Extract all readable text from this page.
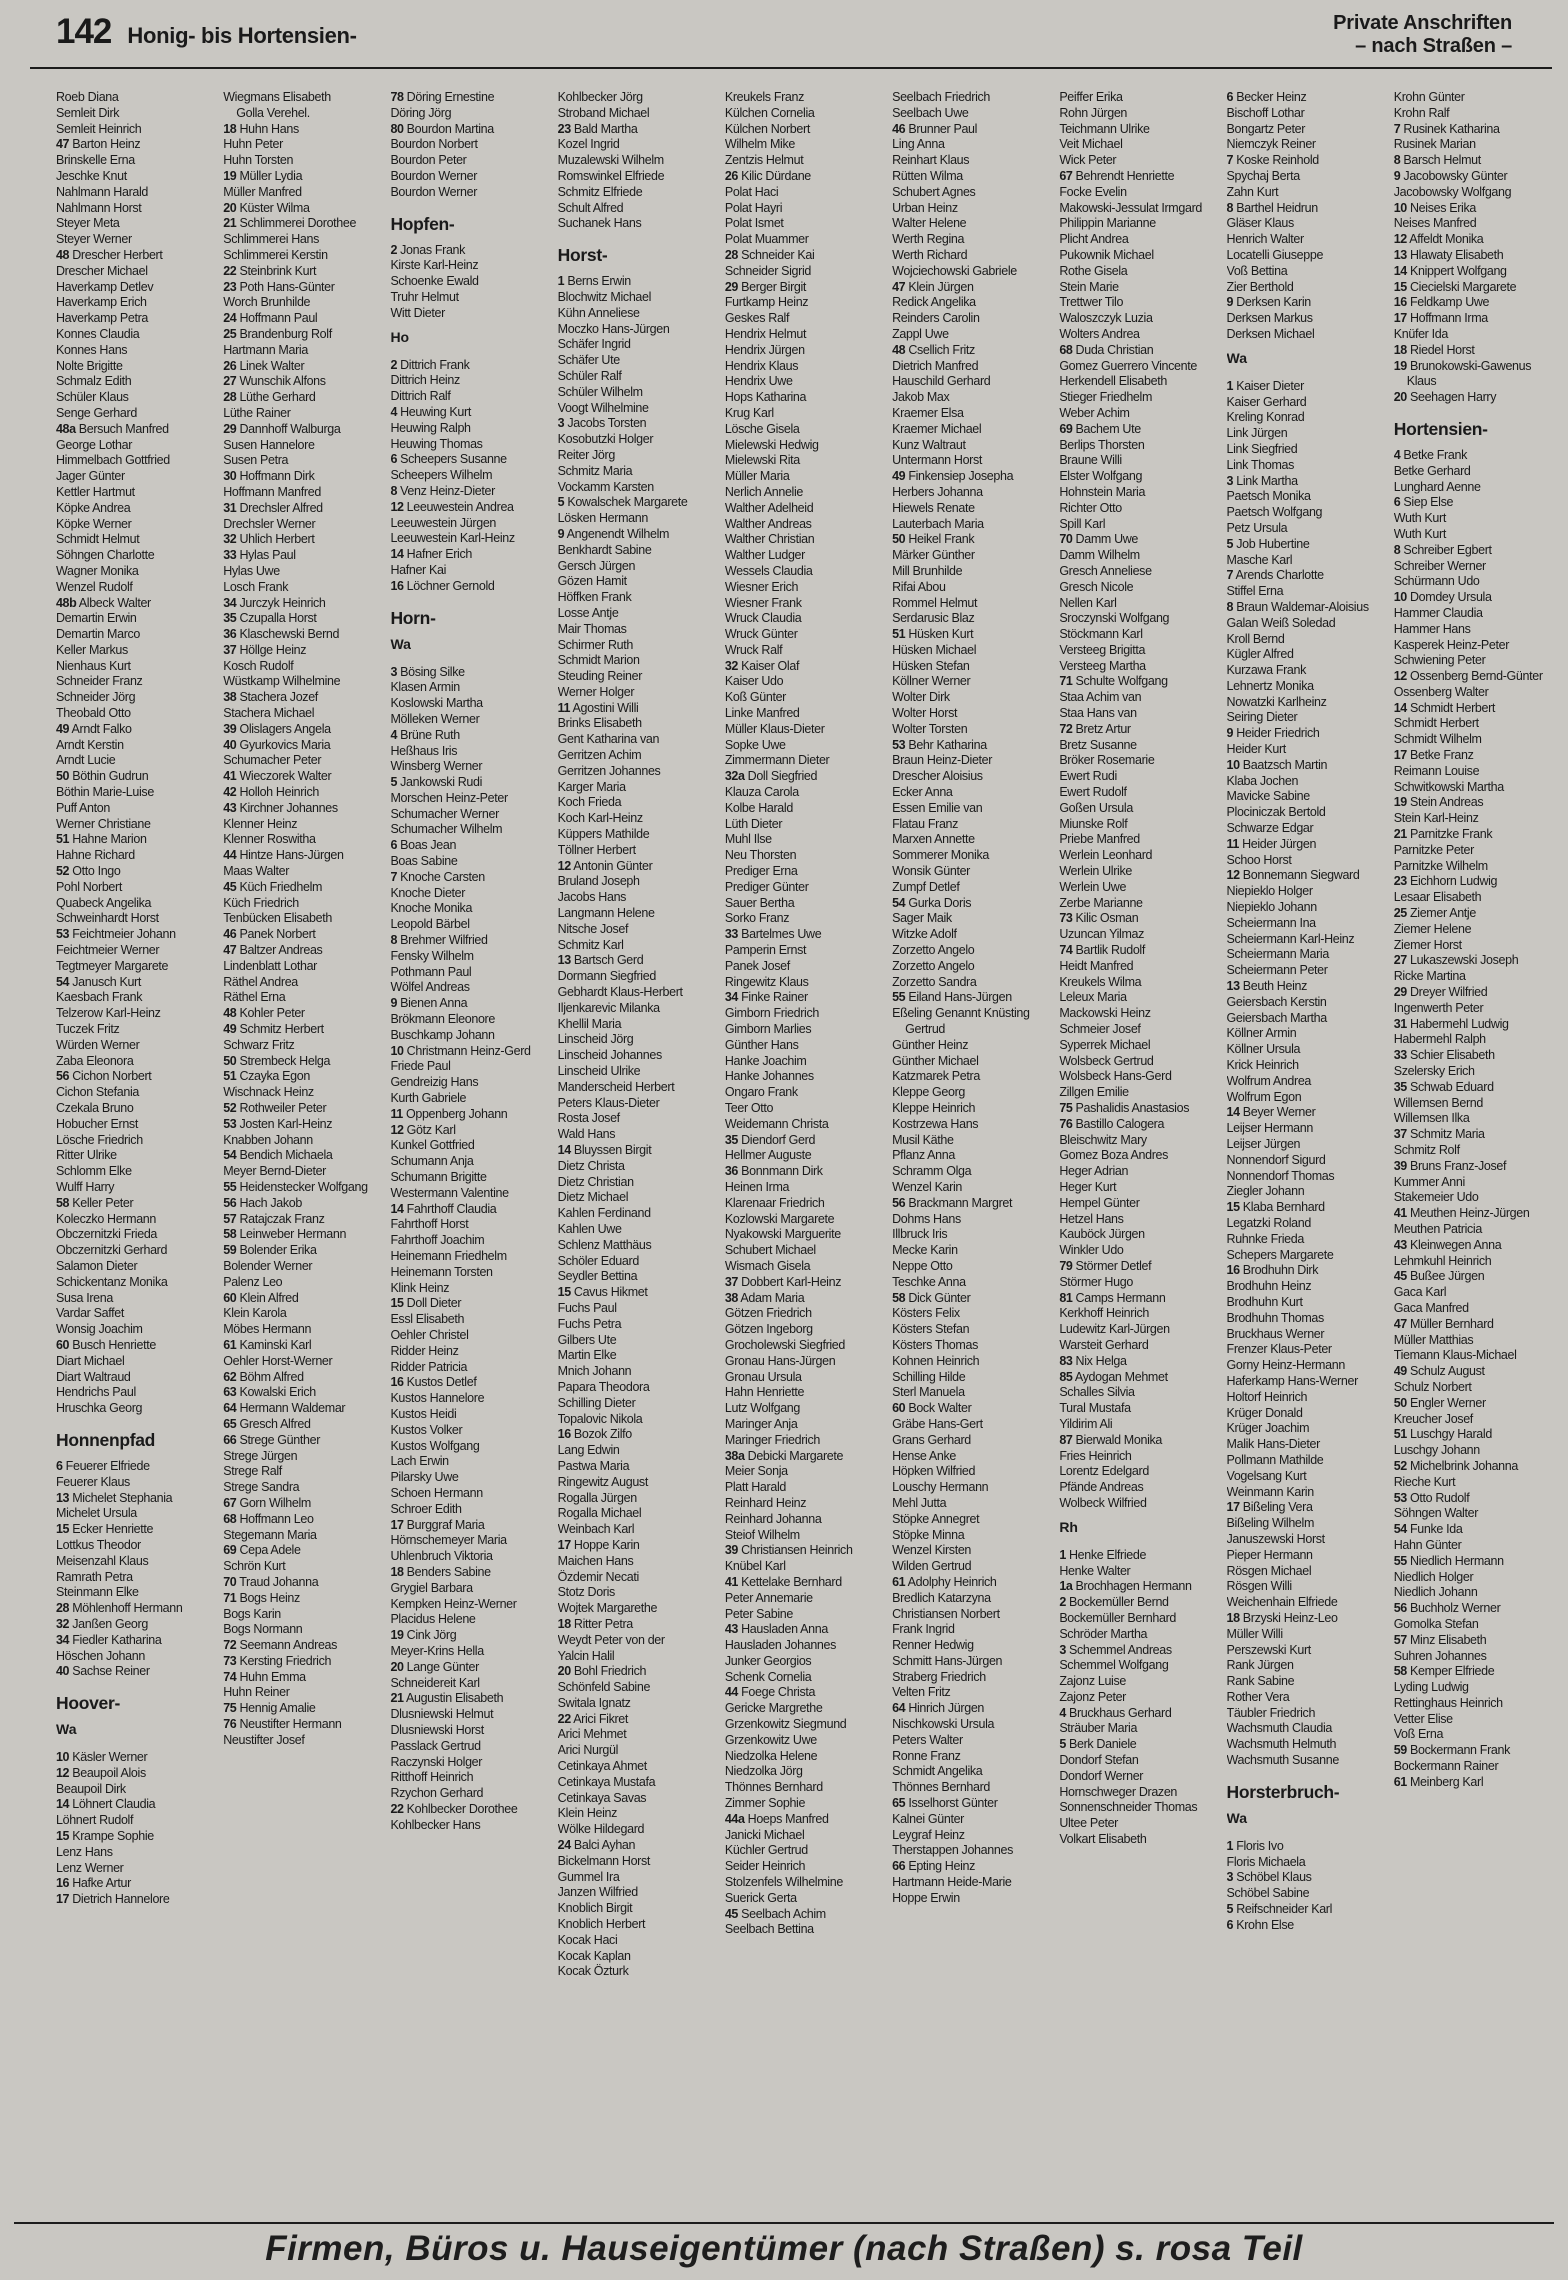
142 Honig- bis Hortensien-	Private Anschriften
– nach Straßen –
Roeb Diana
Semleit Dirk
Semleit Heinrich
47 Barton Heinz
Brinskelle Erna
Jeschke Knut
Nahlmann Harald
Nahlmann Horst
Steyer Meta
Steyer Werner
48 Drescher Herbert
Drescher Michael
Haverkamp Detlev
Haverkamp Erich
Haverkamp Petra
Konnes Claudia
Konnes Hans
Nolte Brigitte
Schmalz Edith
Schüler Klaus
Senge Gerhard
48a Bersuch Manfred
George Lothar
Himmelbach Gottfried
Jager Günter
Kettler Hartmut
Köpke Andrea
Köpke Werner
Schmidt Helmut
Söhngen Charlotte
Wagner Monika
Wenzel Rudolf
48b Albeck Walter
Demartin Erwin
Demartin Marco
Keller Markus
Nienhaus Kurt
Schneider Franz
Schneider Jörg
Theobald Otto
49 Arndt Falko
Arndt Kerstin
Arndt Lucie
50 Böthin Gudrun
Böthin Marie-Luise
Puff Anton
Werner Christiane
51 Hahne Marion
Hahne Richard
52 Otto Ingo
Pohl Norbert
Quabeck Angelika
Schweinhardt Horst
53 Feichtmeier Johann
Feichtmeier Werner
Tegtmeyer Margarete
54 Janusch Kurt
Kaesbach Frank
Telzerow Karl-Heinz
Tuczek Fritz
Würden Werner
Zaba Eleonora
56 Cichon Norbert
Cichon Stefania
Czekala Bruno
Hobucher Ernst
Lösche Friedrich
Ritter Ulrike
Schlomm Elke
Wulff Harry
58 Keller Peter
Koleczko Hermann
Obczernitzki Frieda
Obczernitzki Gerhard
Salamon Dieter
Schickentanz Monika
Susa Irena
Vardar Saffet
Wonsig Joachim
60 Busch Henriette
Diart Michael
Diart Waltraud
Hendrichs Paul
Hruschka Georg
Honnenpfad
6 Feuerer Elfriede
Feuerer Klaus
13 Michelet Stephania
Michelet Ursula
15 Ecker Henriette
Lottkus Theodor
Meisenzahl Klaus
Ramrath Petra
Steinmann Elke
28 Möhlenhoff Hermann
32 Janßen Georg
34 Fiedler Katharina
Höschen Johann
40 Sachse Reiner
Hoover-
Wa
10 Käsler Werner
12 Beaupoil Alois
Beaupoil Dirk
14 Löhnert Claudia
Löhnert Rudolf
15 Krampe Sophie
Lenz Hans
Lenz Werner
16 Hafke Artur
17 Dietrich Hannelore
Wiegmans Elisabeth
Golla Verehel.
18 Huhn Hans
Huhn Peter
Huhn Torsten
19 Müller Lydia
Müller Manfred
20 Küster Wilma
21 Schlimmerei Dorothee
Schlimmerei Hans
Schlimmerei Kerstin
22 Steinbrink Kurt
23 Poth Hans-Günter
Worch Brunhilde
24 Hoffmann Paul
25 Brandenburg Rolf
Hartmann Maria
26 Linek Walter
27 Wunschik Alfons
28 Lüthe Gerhard
Lüthe Rainer
29 Dannhoff Walburga
Susen Hannelore
Susen Petra
30 Hoffmann Dirk
Hoffmann Manfred
31 Drechsler Alfred
Drechsler Werner
32 Uhlich Herbert
33 Hylas Paul
Hylas Uwe
Losch Frank
34 Jurczyk Heinrich
35 Czupalla Horst
36 Klaschewski Bernd
37 Höllge Heinz
Kosch Rudolf
Wüstkamp Wilhelmine
38 Stachera Jozef
Stachera Michael
39 Olislagers Angela
40 Gyurkovics Maria
Schumacher Peter
41 Wieczorek Walter
42 Holloh Heinrich
43 Kirchner Johannes
Klenner Heinz
Klenner Roswitha
44 Hintze Hans-Jürgen
Maas Walter
45 Küch Friedhelm
Küch Friedrich
Tenbücken Elisabeth
46 Panek Norbert
47 Baltzer Andreas
Lindenblatt Lothar
Räthel Andrea
Räthel Erna
48 Kohler Peter
49 Schmitz Herbert
Schwarz Fritz
50 Strembeck Helga
51 Czayka Egon
Wischnack Heinz
52 Rothweiler Peter
53 Josten Karl-Heinz
Knabben Johann
54 Bendich Michaela
Meyer Bernd-Dieter
55 Heidenstecker Wolfgang
56 Hach Jakob
57 Ratajczak Franz
58 Leinweber Hermann
59 Bolender Erika
Bolender Werner
Palenz Leo
60 Klein Alfred
Klein Karola
Möbes Hermann
61 Kaminski Karl
Oehler Horst-Werner
62 Böhm Alfred
63 Kowalski Erich
64 Hermann Waldemar
65 Gresch Alfred
66 Strege Günther
Strege Jürgen
Strege Ralf
Strege Sandra
67 Gorn Wilhelm
68 Hoffmann Leo
Stegemann Maria
69 Cepa Adele
Schrön Kurt
70 Traud Johanna
71 Bogs Heinz
Bogs Karin
Bogs Normann
72 Seemann Andreas
73 Kersting Friedrich
74 Huhn Emma
Huhn Reiner
75 Hennig Amalie
76 Neustifter Hermann
Neustifter Josef
78 Döring Ernestine
Döring Jörg
80 Bourdon Martina
Bourdon Norbert
Bourdon Peter
Bourdon Werner
Bourdon Werner
Hopfen-
2 Jonas Frank
Kirste Karl-Heinz
Schoenke Ewald
Truhr Helmut
Witt Dieter
Ho
2 Dittrich Frank
Dittrich Heinz
Dittrich Ralf
4 Heuwing Kurt
Heuwing Ralph
Heuwing Thomas
6 Scheepers Susanne
Scheepers Wilhelm
8 Venz Heinz-Dieter
12 Leeuwestein Andrea
Leeuwestein Jürgen
Leeuwestein Karl-Heinz
14 Hafner Erich
Hafner Kai
16 Löchner Gernold
Horn-
Wa
3 Bösing Silke
Klasen Armin
Koslowski Martha
Mölleken Werner
4 Brüne Ruth
Heßhaus Iris
Winsberg Werner
5 Jankowski Rudi
Morschen Heinz-Peter
Schumacher Werner
Schumacher Wilhelm
6 Boas Jean
Boas Sabine
7 Knoche Carsten
Knoche Dieter
Knoche Monika
Leopold Bärbel
8 Brehmer Wilfried
Fensky Wilhelm
Pothmann Paul
Wölfel Andreas
9 Bienen Anna
Brökmann Eleonore
Buschkamp Johann
10 Christmann Heinz-Gerd
Friede Paul
Gendreizig Hans
Kurth Gabriele
11 Oppenberg Johann
12 Götz Karl
Kunkel Gottfried
Schumann Anja
Schumann Brigitte
Westermann Valentine
14 Fahrthoff Claudia
Fahrthoff Horst
Fahrthoff Joachim
Heinemann Friedhelm
Heinemann Torsten
Klink Heinz
15 Doll Dieter
Essl Elisabeth
Oehler Christel
Ridder Heinz
Ridder Patricia
16 Kustos Detlef
Kustos Hannelore
Kustos Heidi
Kustos Volker
Kustos Wolfgang
Lach Erwin
Pilarsky Uwe
Schoen Hermann
Schroer Edith
17 Burggraf Maria
Hörnschemeyer Maria
Uhlenbruch Viktoria
18 Benders Sabine
Grygiel Barbara
Kempken Heinz-Werner
Placidus Helene
19 Cink Jörg
Meyer-Krins Hella
20 Lange Günter
Schneidereit Karl
21 Augustin Elisabeth
Dlusniewski Helmut
Dlusniewski Horst
Passlack Gertrud
Raczynski Holger
Ritthoff Heinrich
Rzychon Gerhard
22 Kohlbecker Dorothee
Kohlbecker Hans
Kohlbecker Jörg
Stroband Michael
23 Bald Martha
Kozel Ingrid
Muzalewski Wilhelm
Romswinkel Elfriede
Schmitz Elfriede
Schult Alfred
Suchanek Hans
Horst-
1 Berns Erwin
Blochwitz Michael
Kühn Anneliese
Moczko Hans-Jürgen
Schäfer Ingrid
Schäfer Ute
Schüler Ralf
Schüler Wilhelm
Voogt Wilhelmine
3 Jacobs Torsten
Kosobutzki Holger
Reiter Jörg
Schmitz Maria
Vockamm Karsten
5 Kowalschek Margarete
Lösken Hermann
9 Angenendt Wilhelm
Benkhardt Sabine
Gersch Jürgen
Gözen Hamit
Höffken Frank
Losse Antje
Mair Thomas
Schirmer Ruth
Schmidt Marion
Steuding Reiner
Werner Holger
11 Agostini Willi
Brinks Elisabeth
Gent Katharina van
Gerritzen Achim
Gerritzen Johannes
Karger Maria
Koch Frieda
Koch Karl-Heinz
Küppers Mathilde
Töllner Herbert
12 Antonin Günter
Bruland Joseph
Jacobs Hans
Langmann Helene
Nitsche Josef
Schmitz Karl
13 Bartsch Gerd
Dormann Siegfried
Gebhardt Klaus-Herbert
Iljenkarevic Milanka
Khellil Maria
Linscheid Jörg
Linscheid Johannes
Linscheid Ulrike
Manderscheid Herbert
Peters Klaus-Dieter
Rosta Josef
Wald Hans
14 Bluyssen Birgit
Dietz Christa
Dietz Christian
Dietz Michael
Kahlen Ferdinand
Kahlen Uwe
Schlenz Matthäus
Schöler Eduard
Seydler Bettina
15 Cavus Hikmet
Fuchs Paul
Fuchs Petra
Gilbers Ute
Martin Elke
Mnich Johann
Papara Theodora
Schilling Dieter
Topalovic Nikola
16 Bozok Zilfo
Lang Edwin
Pastwa Maria
Ringewitz August
Rogalla Jürgen
Rogalla Michael
Weinbach Karl
17 Hoppe Karin
Maichen Hans
Özdemir Necati
Stotz Doris
Wojtek Margarethe
18 Ritter Petra
Weydt Peter von der
Yalcin Halil
20 Bohl Friedrich
Schönfeld Sabine
Switala Ignatz
22 Arici Fikret
Arici Mehmet
Arici Nurgül
Cetinkaya Ahmet
Cetinkaya Mustafa
Cetinkaya Savas
Klein Heinz
Wölke Hildegard
24 Balci Ayhan
Bickelmann Horst
Gummel Ira
Janzen Wilfried
Knoblich Birgit
Knoblich Herbert
Kocak Haci
Kocak Kaplan
Kocak Özturk
Kreukels Franz
Külchen Cornelia
Külchen Norbert
Wilhelm Mike
Zentzis Helmut
26 Kilic Dürdane
Polat Haci
Polat Hayri
Polat Ismet
Polat Muammer
28 Schneider Kai
Schneider Sigrid
29 Berger Birgit
Furtkamp Heinz
Geskes Ralf
Hendrix Helmut
Hendrix Jürgen
Hendrix Klaus
Hendrix Uwe
Hops Katharina
Krug Karl
Lösche Gisela
Mielewski Hedwig
Mielewski Rita
Müller Maria
Nerlich Annelie
Walther Adelheid
Walther Andreas
Walther Christian
Walther Ludger
Wessels Claudia
Wiesner Erich
Wiesner Frank
Wruck Claudia
Wruck Günter
Wruck Ralf
32 Kaiser Olaf
Kaiser Udo
Koß Günter
Linke Manfred
Müller Klaus-Dieter
Sopke Uwe
Zimmermann Dieter
32a Doll Siegfried
Klauza Carola
Kolbe Harald
Lüth Dieter
Muhl Ilse
Neu Thorsten
Prediger Erna
Prediger Günter
Sauer Bertha
Sorko Franz
33 Bartelmes Uwe
Pamperin Ernst
Panek Josef
Ringewitz Klaus
34 Finke Rainer
Gimborn Friedrich
Gimborn Marlies
Günther Hans
Hanke Joachim
Hanke Johannes
Ongaro Frank
Teer Otto
Weidemann Christa
35 Diendorf Gerd
Hellmer Auguste
36 Bonnmann Dirk
Heinen Irma
Klarenaar Friedrich
Kozlowski Margarete
Nyakowski Marguerite
Schubert Michael
Wismach Gisela
37 Dobbert Karl-Heinz
38 Adam Maria
Götzen Friedrich
Götzen Ingeborg
Grocholewski Siegfried
Gronau Hans-Jürgen
Gronau Ursula
Hahn Henriette
Lutz Wolfgang
Maringer Anja
Maringer Friedrich
38a Debicki Margarete
Meier Sonja
Platt Harald
Reinhard Heinz
Reinhard Johanna
Steiof Wilhelm
39 Christiansen Heinrich
Knübel Karl
41 Kettelake Bernhard
Peter Annemarie
Peter Sabine
43 Hausladen Anna
Hausladen Johannes
Junker Georgios
Schenk Cornelia
44 Foege Christa
Gericke Margrethe
Grzenkowitz Siegmund
Grzenkowitz Uwe
Niedzolka Helene
Niedzolka Jörg
Thönnes Bernhard
Zimmer Sophie
44a Hoeps Manfred
Janicki Michael
Küchler Gertrud
Seider Heinrich
Stolzenfels Wilhelmine
Suerick Gerta
45 Seelbach Achim
Seelbach Bettina
Seelbach Friedrich
Seelbach Uwe
46 Brunner Paul
Ling Anna
Reinhart Klaus
Rütten Wilma
Schubert Agnes
Urban Heinz
Walter Helene
Werth Regina
Werth Richard
Wojciechowski Gabriele
47 Klein Jürgen
Redick Angelika
Reinders Carolin
Zappl Uwe
48 Csellich Fritz
Dietrich Manfred
Hauschild Gerhard
Jakob Max
Kraemer Elsa
Kraemer Michael
Kunz Waltraut
Untermann Horst
49 Finkensiep Josepha
Herbers Johanna
Hiewels Renate
Lauterbach Maria
50 Heikel Frank
Märker Günther
Mill Brunhilde
Rifai Abou
Rommel Helmut
Serdarusic Blaz
51 Hüsken Kurt
Hüsken Michael
Hüsken Stefan
Köllner Werner
Wolter Dirk
Wolter Horst
Wolter Torsten
53 Behr Katharina
Braun Heinz-Dieter
Drescher Aloisius
Ecker Anna
Essen Emilie van
Flatau Franz
Marxen Annette
Sommerer Monika
Wonsik Günter
Zumpf Detlef
54 Gurka Doris
Sager Maik
Witzke Adolf
Zorzetto Angelo
Zorzetto Angelo
Zorzetto Sandra
55 Eiland Hans-Jürgen
Eßeling Genannt Knüsting Gertrud
Günther Heinz
Günther Michael
Katzmarek Petra
Kleppe Georg
Kleppe Heinrich
Kostrzewa Hans
Musil Käthe
Pflanz Anna
Schramm Olga
Wenzel Karin
56 Brackmann Margret
Dohms Hans
Illbruck Iris
Mecke Karin
Neppe Otto
Teschke Anna
58 Dick Günter
Kösters Felix
Kösters Stefan
Kösters Thomas
Kohnen Heinrich
Schilling Hilde
Sterl Manuela
60 Bock Walter
Gräbe Hans-Gert
Grans Gerhard
Hense Anke
Höpken Wilfried
Louschy Hermann
Mehl Jutta
Stöpke Annegret
Stöpke Minna
Wenzel Kirsten
Wilden Gertrud
61 Adolphy Heinrich
Bredlich Katarzyna
Christiansen Norbert
Frank Ingrid
Renner Hedwig
Schmitt Hans-Jürgen
Straberg Friedrich
Velten Fritz
64 Hinrich Jürgen
Nischkowski Ursula
Peters Walter
Ronne Franz
Schmidt Angelika
Thönnes Bernhard
65 Isselhorst Günter
Kalnei Günter
Leygraf Heinz
Therstappen Johannes
66 Epting Heinz
Hartmann Heide-Marie
Hoppe Erwin
Peiffer Erika
Rohn Jürgen
Teichmann Ulrike
Veit Michael
Wick Peter
67 Behrendt Henriette
Focke Evelin
Makowski-Jessulat Irmgard
Philippin Marianne
Plicht Andrea
Pukownik Michael
Rothe Gisela
Stein Marie
Trettwer Tilo
Waloszczyk Luzia
Wolters Andrea
68 Duda Christian
Gomez Guerrero Vincente
Herkendell Elisabeth
Stieger Friedhelm
Weber Achim
69 Bachem Ute
Berlips Thorsten
Braune Willi
Elster Wolfgang
Hohnstein Maria
Richter Otto
Spill Karl
70 Damm Uwe
Damm Wilhelm
Gresch Anneliese
Gresch Nicole
Nellen Karl
Sroczynski Wolfgang
Stöckmann Karl
Versteeg Brigitta
Versteeg Martha
71 Schulte Wolfgang
Staa Achim van
Staa Hans van
72 Bretz Artur
Bretz Susanne
Bröker Rosemarie
Ewert Rudi
Ewert Rudolf
Goßen Ursula
Miunske Rolf
Priebe Manfred
Werlein Leonhard
Werlein Ulrike
Werlein Uwe
Zerbe Marianne
73 Kilic Osman
Uzuncan Yilmaz
74 Bartlik Rudolf
Heidt Manfred
Kreukels Wilma
Leleux Maria
Mackowski Heinz
Schmeier Josef
Syperrek Michael
Wolsbeck Gertrud
Wolsbeck Hans-Gerd
Zillgen Emilie
75 Pashalidis Anastasios
76 Bastillo Calogera
Bleischwitz Mary
Gomez Boza Andres
Heger Adrian
Heger Kurt
Hempel Günter
Hetzel Hans
Kauböck Jürgen
Winkler Udo
79 Störmer Detlef
Störmer Hugo
81 Camps Hermann
Kerkhoff Heinrich
Ludewitz Karl-Jürgen
Warsteit Gerhard
83 Nix Helga
85 Aydogan Mehmet
Schalles Silvia
Tural Mustafa
Yildirim Ali
87 Bierwald Monika
Fries Heinrich
Lorentz Edelgard
Pfände Andreas
Wolbeck Wilfried
Rh
1 Henke Elfriede
Henke Walter
1a Brochhagen Hermann
2 Bockemüller Bernd
Bockemüller Bernhard
Schröder Martha
3 Schemmel Andreas
Schemmel Wolfgang
Zajonz Luise
Zajonz Peter
4 Bruckhaus Gerhard
Sträuber Maria
5 Berk Daniele
Dondorf Stefan
Dondorf Werner
Hornschweger Drazen
Sonnenschneider Thomas
Ultee Peter
Volkart Elisabeth
6 Becker Heinz
Bischoff Lothar
Bongartz Peter
Niemczyk Reiner
7 Koske Reinhold
Spychaj Berta
Zahn Kurt
8 Barthel Heidrun
Gläser Klaus
Henrich Walter
Locatelli Giuseppe
Voß Bettina
Zier Berthold
9 Derksen Karin
Derksen Markus
Derksen Michael
Wa
1 Kaiser Dieter
Kaiser Gerhard
Kreling Konrad
Link Jürgen
Link Siegfried
Link Thomas
3 Link Martha
Paetsch Monika
Paetsch Wolfgang
Petz Ursula
5 Job Hubertine
Masche Karl
7 Arends Charlotte
Stiffel Erna
8 Braun Waldemar-Aloisius
Galan Weiß Soledad
Kroll Bernd
Kügler Alfred
Kurzawa Frank
Lehnertz Monika
Nowatzki Karlheinz
Seiring Dieter
9 Heider Friedrich
Heider Kurt
10 Baatzsch Martin
Klaba Jochen
Mavicke Sabine
Plociniczak Bertold
Schwarze Edgar
11 Heider Jürgen
Schoo Horst
12 Bonnemann Siegward
Niepieklo Holger
Niepieklo Johann
Scheiermann Ina
Scheiermann Karl-Heinz
Scheiermann Maria
Scheiermann Peter
13 Beuth Heinz
Geiersbach Kerstin
Geiersbach Martha
Köllner Armin
Köllner Ursula
Krick Heinrich
Wolfrum Andrea
Wolfrum Egon
14 Beyer Werner
Leijser Hermann
Leijser Jürgen
Nonnendorf Sigurd
Nonnendorf Thomas
Ziegler Johann
15 Klaba Bernhard
Legatzki Roland
Ruhnke Frieda
Schepers Margarete
16 Brodhuhn Dirk
Brodhuhn Heinz
Brodhuhn Kurt
Brodhuhn Thomas
Bruckhaus Werner
Frenzer Klaus-Peter
Gorny Heinz-Hermann
Haferkamp Hans-Werner
Holtorf Heinrich
Krüger Donald
Krüger Joachim
Malik Hans-Dieter
Pollmann Mathilde
Vogelsang Kurt
Weinmann Karin
17 Bißeling Vera
Bißeling Wilhelm
Januszewski Horst
Pieper Hermann
Rösgen Michael
Rösgen Willi
Weichenhain Elfriede
18 Brzyski Heinz-Leo
Müller Willi
Perszewski Kurt
Rank Jürgen
Rank Sabine
Rother Vera
Täubler Friedrich
Wachsmuth Claudia
Wachsmuth Helmuth
Wachsmuth Susanne
Horsterbruch-
Wa
1 Floris Ivo
Floris Michaela
3 Schöbel Klaus
Schöbel Sabine
5 Reifschneider Karl
6 Krohn Else
Krohn Günter
Krohn Ralf
7 Rusinek Katharina
Rusinek Marian
8 Barsch Helmut
9 Jacobowsky Günter
Jacobowsky Wolfgang
10 Neises Erika
Neises Manfred
12 Affeldt Monika
13 Hlawaty Elisabeth
14 Knippert Wolfgang
15 Ciecielski Margarete
16 Feldkamp Uwe
17 Hoffmann Irma
Knüfer Ida
18 Riedel Horst
19 Brunokowski-Gawenus Klaus
20 Seehagen Harry
Hortensien-
4 Betke Frank
Betke Gerhard
Lunghard Aenne
6 Siep Else
Wuth Kurt
Wuth Kurt
8 Schreiber Egbert
Schreiber Werner
Schürmann Udo
10 Domdey Ursula
Hammer Claudia
Hammer Hans
Kasperek Heinz-Peter
Schwiening Peter
12 Ossenberg Bernd-Günter
Ossenberg Walter
14 Schmidt Herbert
Schmidt Herbert
Schmidt Wilhelm
17 Betke Franz
Reimann Louise
Schwitkowski Martha
19 Stein Andreas
Stein Karl-Heinz
21 Parnitzke Frank
Parnitzke Peter
Parnitzke Wilhelm
23 Eichhorn Ludwig
Lesaar Elisabeth
25 Ziemer Antje
Ziemer Helene
Ziemer Horst
27 Lukaszewski Joseph
Ricke Martina
29 Dreyer Wilfried
Ingenwerth Peter
31 Habermehl Ludwig
Habermehl Ralph
33 Schier Elisabeth
Szelersky Erich
35 Schwab Eduard
Willemsen Bernd
Willemsen Ilka
37 Schmitz Maria
Schmitz Rolf
39 Bruns Franz-Josef
Kummer Anni
Stakemeier Udo
41 Meuthen Heinz-Jürgen
Meuthen Patricia
43 Kleinwegen Anna
Lehmkuhl Heinrich
45 Bußee Jürgen
Gaca Karl
Gaca Manfred
47 Müller Bernhard
Müller Matthias
Tiemann Klaus-Michael
49 Schulz August
Schulz Norbert
50 Engler Werner
Kreucher Josef
51 Luschgy Harald
Luschgy Johann
52 Michelbrink Johanna
Rieche Kurt
53 Otto Rudolf
Söhngen Walter
54 Funke Ida
Hahn Günter
55 Niedlich Hermann
Niedlich Holger
Niedlich Johann
56 Buchholz Werner
Gomolka Stefan
57 Minz Elisabeth
Suhren Johannes
58 Kemper Elfriede
Lyding Ludwig
Rettinghaus Heinrich
Vetter Elise
Voß Erna
59 Bockermann Frank
Bockermann Rainer
61 Meinberg Karl
Firmen, Büros u. Hauseigentümer (nach Straßen) s. rosa Teil
